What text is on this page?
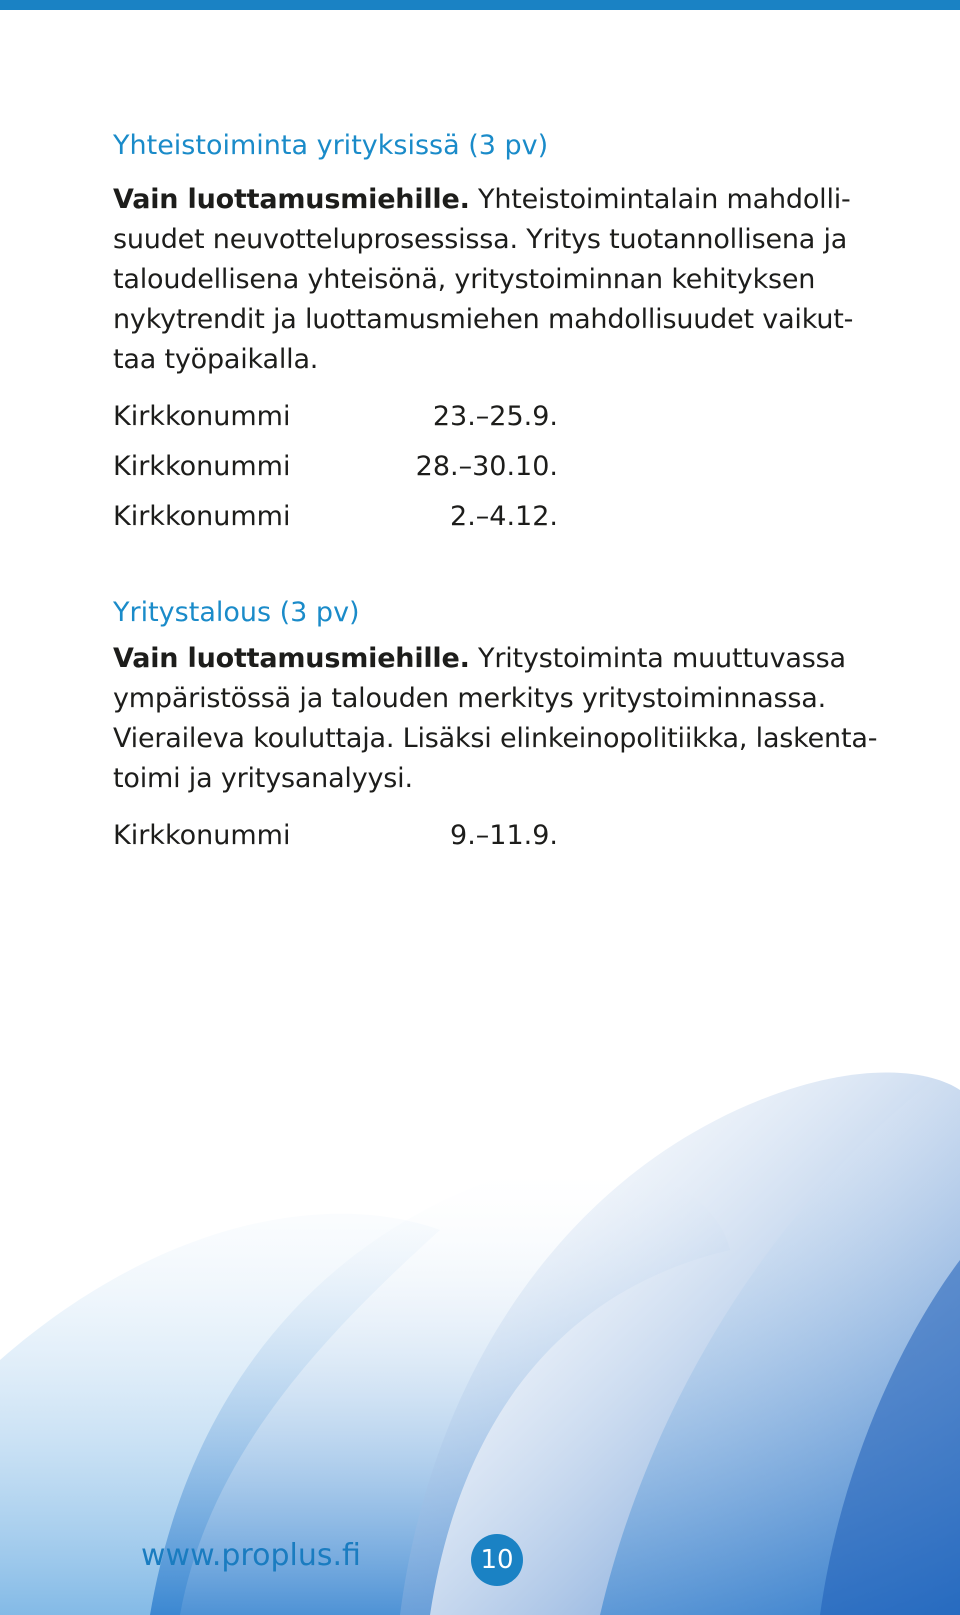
Yhteistoiminta yrityksissä (3 pv)

Vain luottamusmiehille. Yhteistoimintalain mahdolli-
suudet neuvotteluprosessissa. Yritys tuotannollisena ja
taloudellisena yhteisönä, yritystoiminnan kehityksen
nykytrendit ja luottamusmiehen mahdollisuudet vaikut-
taa työpaikalla.

Kirkkonummi	23.–25.9.
Kirkkonummi	28.–30.10.
Kirkkonummi	2.–4.12.
Yritystalous (3 pv)

Vain luottamusmiehille. Yritystoiminta muuttuvassa
ympäristössä ja talouden merkitys yritystoiminnassa.
Vieraileva kouluttaja. Lisäksi elinkeinopolitiikka, laskenta-
toimi ja yritysanalyysi.

Kirkkonummi	9.–11.9.
www.proplus.fi	10
